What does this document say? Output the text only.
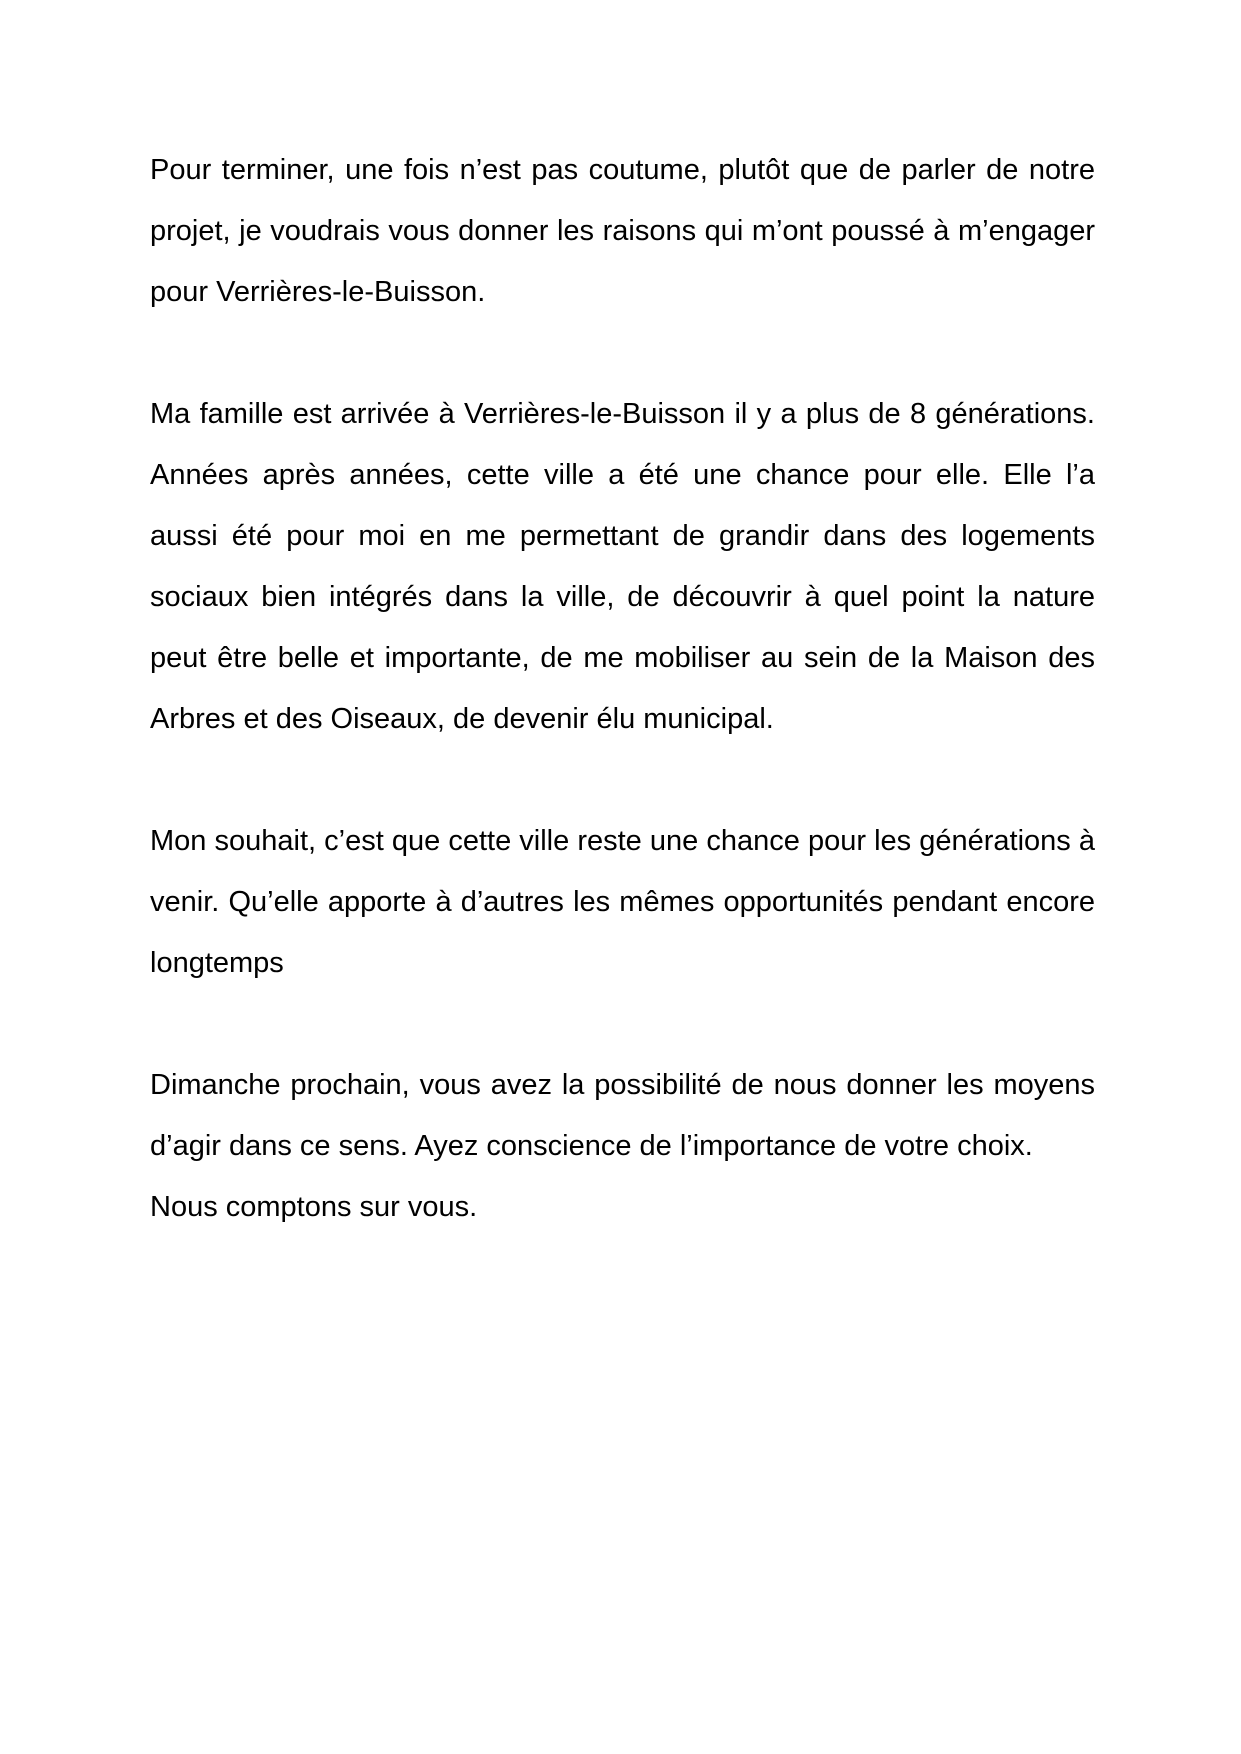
Pour terminer, une fois n’est pas coutume, plutôt que de parler de notre projet, je voudrais vous donner les raisons qui m’ont poussé à m’engager pour Verrières-le-Buisson.

Ma famille est arrivée à Verrières-le-Buisson il y a plus de 8 générations. Années après années, cette ville a été une chance pour elle. Elle l’a aussi été pour moi en me permettant de grandir dans des logements sociaux bien intégrés dans la ville, de découvrir à quel point la nature peut être belle et importante, de me mobiliser au sein de la Maison des Arbres et des Oiseaux, de devenir élu municipal.

Mon souhait, c’est que cette ville reste une chance pour les générations à venir. Qu’elle apporte à d’autres les mêmes opportunités pendant encore longtemps

Dimanche prochain, vous avez la possibilité de nous donner les moyens d’agir dans ce sens. Ayez conscience de l’importance de votre choix.

Nous comptons sur vous.
